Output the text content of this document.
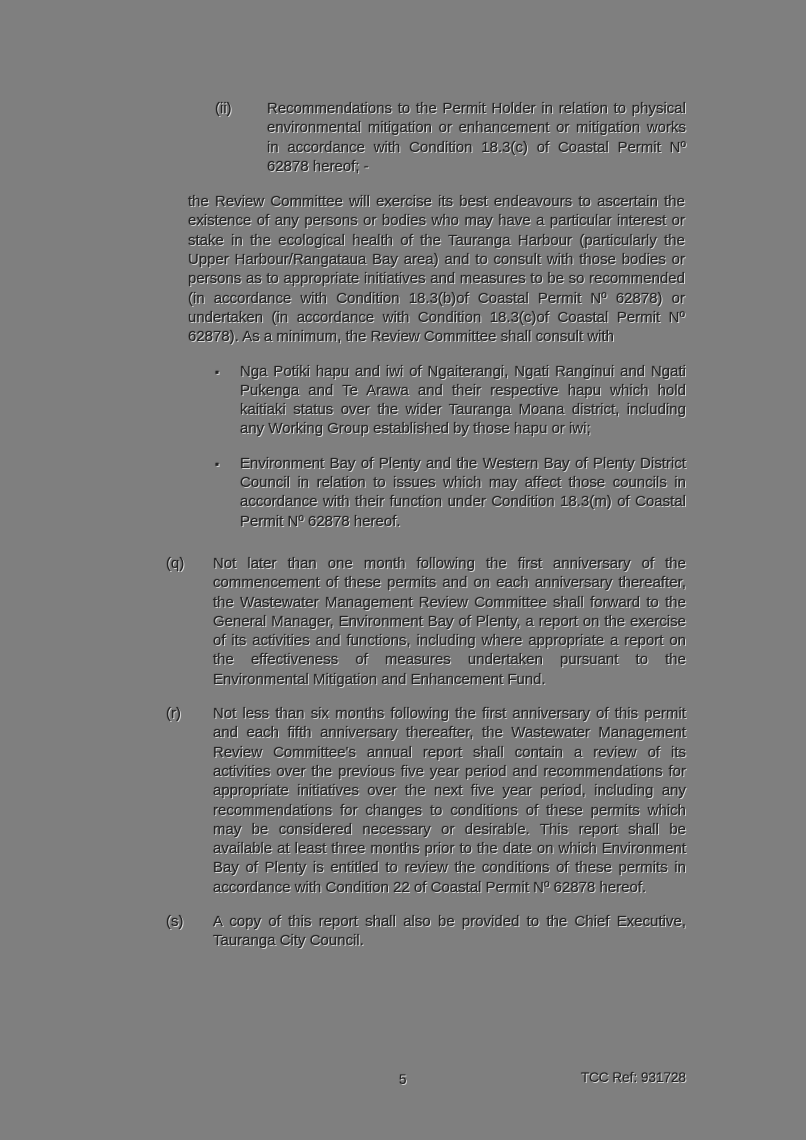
(ii) Recommendations to the Permit Holder in relation to physical environmental mitigation or enhancement or mitigation works in accordance with Condition 18.3(c) of Coastal Permit Nº 62878 hereof; -
the Review Committee will exercise its best endeavours to ascertain the existence of any persons or bodies who may have a particular interest or stake in the ecological health of the Tauranga Harbour (particularly the Upper Harbour/Rangataua Bay area) and to consult with those bodies or persons as to appropriate initiatives and measures to be so recommended (in accordance with Condition 18.3(b)of Coastal Permit Nº 62878) or undertaken (in accordance with Condition 18.3(c)of Coastal Permit Nº 62878). As a minimum, the Review Committee shall consult with
▪ Nga Potiki hapu and iwi of Ngaiterangi, Ngati Ranginui and Ngati Pukenga and Te Arawa and their respective hapu which hold kaitiaki status over the wider Tauranga Moana district, including any Working Group established by those hapu or iwi;
▪ Environment Bay of Plenty and the Western Bay of Plenty District Council in relation to issues which may affect those councils in accordance with their function under Condition 18.3(m) of Coastal Permit Nº 62878 hereof.
(q) Not later than one month following the first anniversary of the commencement of these permits and on each anniversary thereafter, the Wastewater Management Review Committee shall forward to the General Manager, Environment Bay of Plenty, a report on the exercise of its activities and functions, including where appropriate a report on the effectiveness of measures undertaken pursuant to the Environmental Mitigation and Enhancement Fund.
(r) Not less than six months following the first anniversary of this permit and each fifth anniversary thereafter, the Wastewater Management Review Committee's annual report shall contain a review of its activities over the previous five year period and recommendations for appropriate initiatives over the next five year period, including any recommendations for changes to conditions of these permits which may be considered necessary or desirable. This report shall be available at least three months prior to the date on which Environment Bay of Plenty is entitled to review the conditions of these permits in accordance with Condition 22 of Coastal Permit Nº 62878 hereof.
(s) A copy of this report shall also be provided to the Chief Executive, Tauranga City Council.
5	TCC Ref: 931728
